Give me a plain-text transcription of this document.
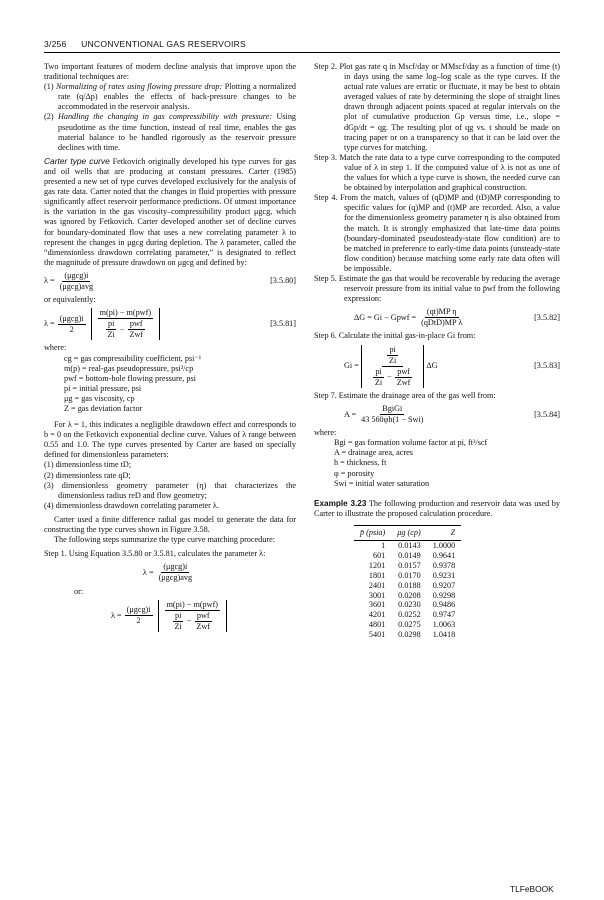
3/256 UNCONVENTIONAL GAS RESERVOIRS

Two important features of modern decline analysis that improve upon the traditional techniques are:

(1) Normalizing of rates using flowing pressure drop: Plotting a normalized rate (q/Δp) enables the effects of back-pressure changes to be accommodated in the reservoir analysis.

(2) Handling the changing in gas compressibility with pressure: Using pseudotime as the time function, instead of real time, enables the gas material balance to be handled rigorously as the reservoir pressure declines with time.

Carter type curve Fetkovich originally developed his type curves for gas and oil wells that are producing at constant pressures. Carter (1985) presented a new set of type curves developed exclusively for the analysis of gas rate data. Carter noted that the changes in fluid properties with pressure significantly affect reservoir performance predictions. Of utmost importance is the variation in the gas viscosity–compressibility product μgcg, which was ignored by Fetkovich. Carter developed another set of decline curves for boundary-dominated flow that uses a new correlating parameter λ to represent the changes in μgcg during depletion. The λ parameter, called the “dimensionless drawdown correlating parameter,” is designated to reflect the magnitude of pressure drawdown on μgcg and defined by:

$\lambda = \frac{\text{(μgcg)i}}{\text{(μgcg)avg}}$	[3.5.80]

or equivalently:

$\lambda = \frac{\text{(μgcg)i}}{2} \frac{\text{m(pi) − m(pwf)}}{\frac{pi}{Zi} - \frac{\text{pwf}}{\text{Zwf}}}$	[3.5.81]

where:

cg = gas compressibility coefficient, psi⁻¹
m(p) = real-gas pseudopressure, psi²/cp
pwf = bottom-hole flowing pressure, psi
pi = initial pressure, psi
μg = gas viscosity, cp
Z = gas deviation factor

For λ = 1, this indicates a negligible drawdown effect and corresponds to b = 0 on the Fetkovich exponential decline curve. Values of λ range between 0.55 and 1.0. The type curves presented by Carter are based on specially defined for dimensionless parameters:

(1) dimensionless time tD;

(2) dimensionless rate qD;

(3) dimensionless geometry parameter (η) that characterizes the dimensionless radius reD and flow geometry;

(4) dimensionless drawdown correlating parameter λ.

Carter used a finite difference radial gas model to generate the data for constructing the type curves shown in Figure 3.58.

The following steps summarize the type curve matching procedure:

Step 1. Using Equation 3.5.80 or 3.5.81, calculates the parameter λ:

$\lambda = \frac{\text{(μgcg)i}}{\text{(μgcg)avg}}$

or:

$\lambda = \frac{\text{(μgcg)i}}{2} \frac{\text{m(pi) − m(pwf)}}{\frac{pi}{Zi} - \frac{\text{pwf}}{\text{Zwf}}}$

Step 2. Plot gas rate q in Mscf/day or MMscf/day as a function of time (t) in days using the same log–log scale as the type curves. If the actual rate values are erratic or fluctuate, it may be best to obtain averaged values of rate by determining the slope of straight lines drawn through adjacent points spaced at regular intervals on the plot of cumulative production Gp versus time, i.e., slope = dGp/dt = qg. The resulting plot of qg vs. t should be made on tracing paper or on a transparency so that it can be laid over the type curves for matching.

Step 3. Match the rate data to a type curve corresponding to the computed value of λ in step 1. If the computed value of λ is not as one of the values for which a type curve is shown, the needed curve can be obtained by interpolation and graphical construction.

Step 4. From the match, values of (qD)MP and (tD)MP corresponding to specific values for (q)MP and (t)MP are recorded. Also, a value for the dimensionless geometry parameter η is also obtained from the match. It is strongly emphasized that late-time data points (boundary-dominated pseudosteady-state flow condition) are to be matched in preference to early-time data points (unsteady-state flow condition) because matching some early rate data often will be impossible.

Step 5. Estimate the gas that would be recoverable by reducing the average reservoir pressure from its initial value to p̄wf from the following expression:

ΔG = Gi − Gpwf = $\frac{\text{(qt)MP η}}{\text{(qDtD)MP λ}}$	[3.5.82]

Step 6. Calculate the initial gas-in-place Gi from:

$Gi = \frac{\frac{pi}{Zi}}{\frac{pi}{Zi} - \frac{\text{pwf}}{\text{Zwf}}}$ ΔG	[3.5.83]

Step 7. Estimate the drainage area of the gas well from:

$A = \frac{\text{BgiGi}}{\text{43 560φh(1 − Swi)}}$	[3.5.84]

where:

Bgi = gas formation volume factor at pi, ft³/scf
A = drainage area, acres
h = thickness, ft
φ = porosity
Swi = initial water saturation

Example 3.23 The following production and reservoir data was used by Carter to illustrate the proposed calculation procedure.

p̄ (psia)	μg (cp)	Z
1	0.0143	1.0000
601	0.0149	0.9641
1201	0.0157	0.9378
1801	0.0170	0.9231
2401	0.0188	0.9207
3001	0.0208	0.9298
3601	0.0230	0.9486
4201	0.0252	0.9747
4801	0.0275	1.0063
5401	0.0298	1.0418
TLFeBOOK
